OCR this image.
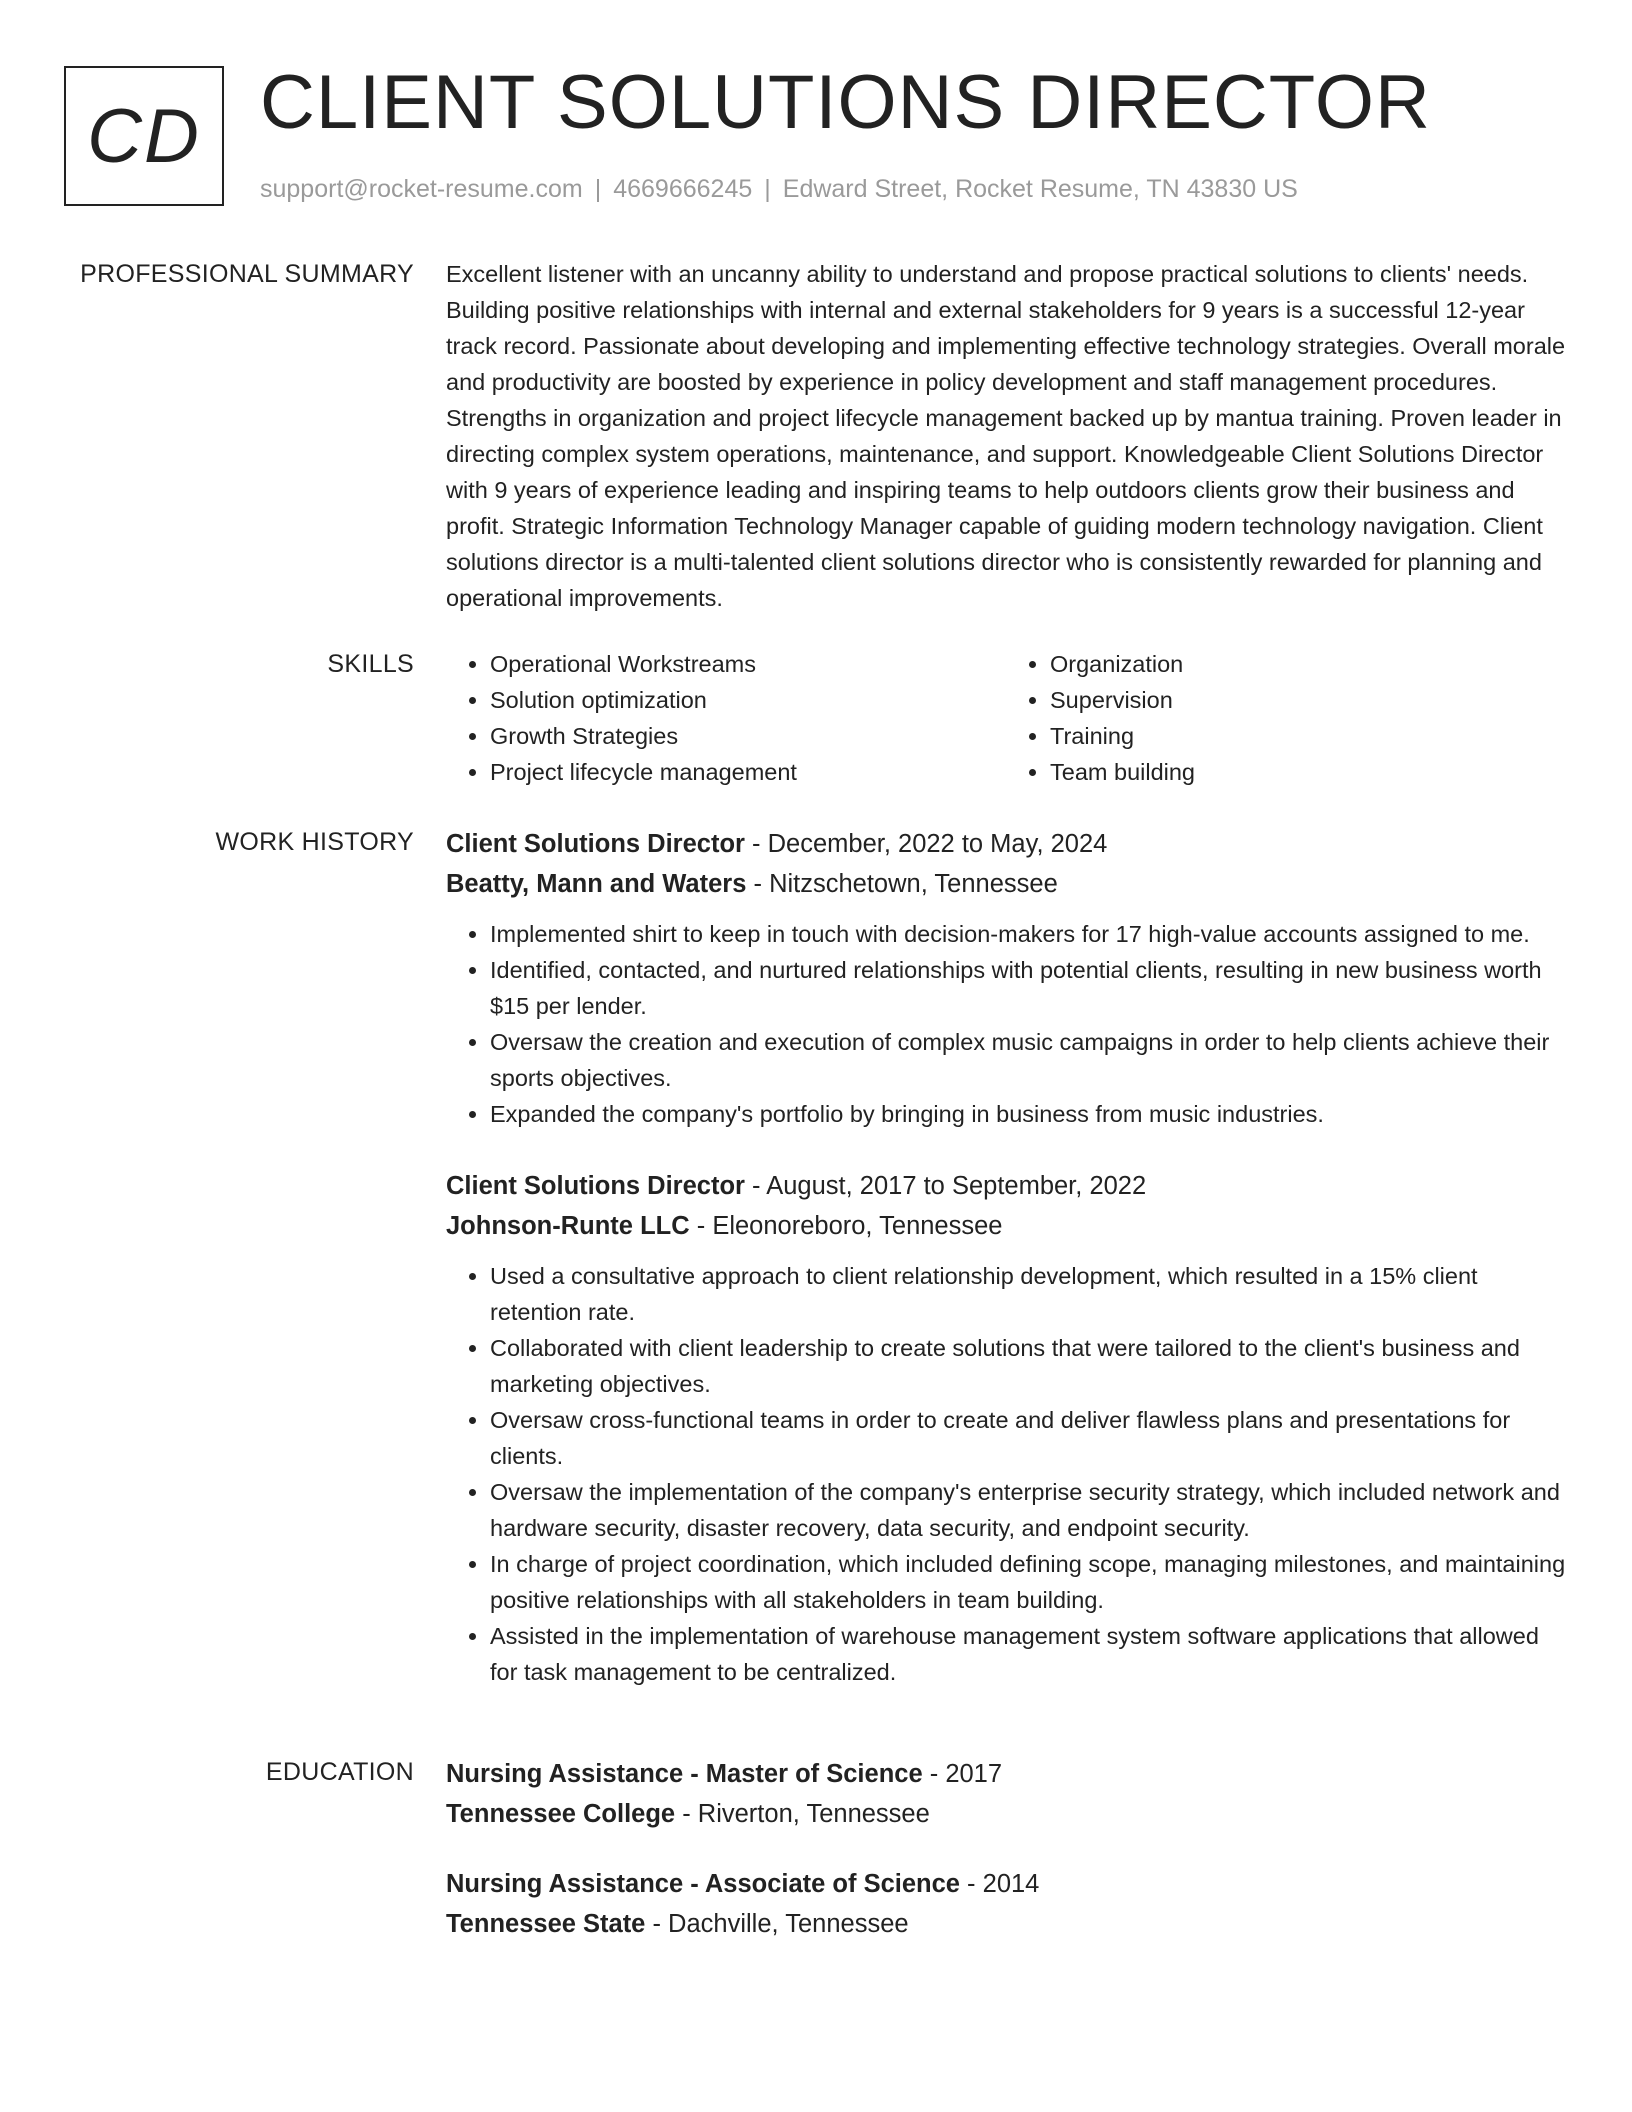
CD CLIENT SOLUTIONS DIRECTOR
support@rocket-resume.com | 4669666245 | Edward Street, Rocket Resume, TN 43830 US
PROFESSIONAL SUMMARY Excellent listener with an uncanny ability to understand and propose practical solutions to clients' needs. Building positive relationships with internal and external stakeholders for 9 years is a successful 12-year track record. Passionate about developing and implementing effective technology strategies. Overall morale and productivity are boosted by experience in policy development and staff management procedures. Strengths in organization and project lifecycle management backed up by mantua training. Proven leader in directing complex system operations, maintenance, and support. Knowledgeable Client Solutions Director with 9 years of experience leading and inspiring teams to help outdoors clients grow their business and profit. Strategic Information Technology Manager capable of guiding modern technology navigation. Client solutions director is a multi-talented client solutions director who is consistently rewarded for planning and operational improvements.

SKILLS
•	Operational Workstreams
• Solution optimization
• Growth Strategies
• Project lifecycle management
• Organization
• Supervision
• Training
• Team building
WORK HISTORY Client Solutions Director - December, 2022 to May, 2024
Beatty, Mann and Waters - Nitzschetown, Tennessee
• Implemented shirt to keep in touch with decision-makers for 17 high-value accounts assigned to me.
• Identified, contacted, and nurtured relationships with potential clients, resulting in new business worth $15 per lender.
• Oversaw the creation and execution of complex music campaigns in order to help clients achieve their sports objectives.
• Expanded the company's portfolio by bringing in business from music industries.
Client Solutions Director - August, 2017 to September, 2022
Johnson-Runte LLC - Eleonoreboro, Tennessee
• Used a consultative approach to client relationship development, which resulted in a 15% client retention rate.
• Collaborated with client leadership to create solutions that were tailored to the client's business and marketing objectives.
• Oversaw cross-functional teams in order to create and deliver flawless plans and presentations for clients.
• Oversaw the implementation of the company's enterprise security strategy, which included network and hardware security, disaster recovery, data security, and endpoint security.
• In charge of project coordination, which included defining scope, managing milestones, and maintaining positive relationships with all stakeholders in team building.
• Assisted in the implementation of warehouse management system software applications that allowed for task management to be centralized.
EDUCATION Nursing Assistance - Master of Science - 2017
Tennessee College - Riverton, Tennessee
Nursing Assistance - Associate of Science - 2014
Tennessee State - Dachville, Tennessee
